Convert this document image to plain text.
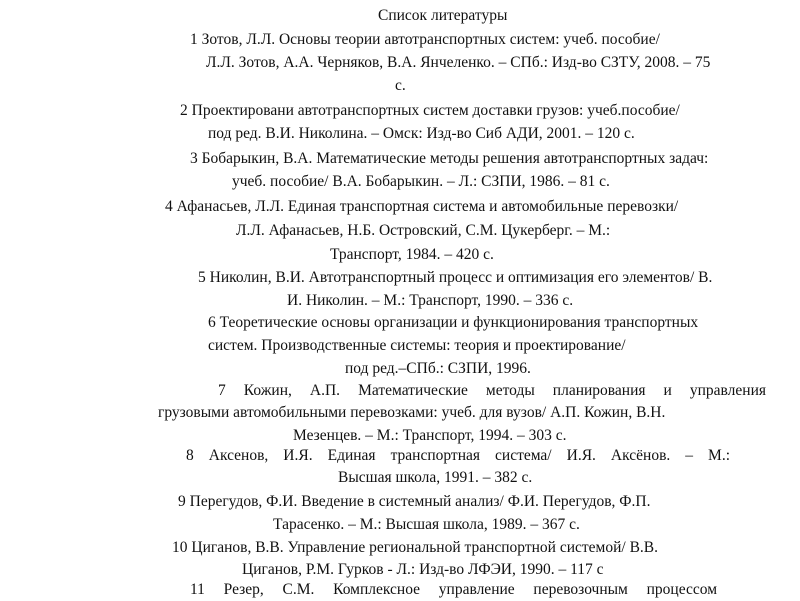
Список литературы
1 Зотов, Л.Л. Основы теории автотранспортных систем: учеб. пособие/
Л.Л. Зотов, А.А. Черняков, В.А. Янчеленко. – СПб.: Изд-во СЗТУ, 2008. – 75
с.
2 Проектировани автотранспортных систем доставки грузов: учеб.пособие/
под ред. В.И. Николина. – Омск: Изд-во Сиб АДИ, 2001. – 120 с.
3 Бобарыкин, В.А. Математические методы решения автотранспортных задач:
учеб. пособие/ В.А. Бобарыкин. – Л.: СЗПИ, 1986. – 81 с.
4 Афанасьев, Л.Л. Единая транспортная система и автомобильные перевозки/
Л.Л. Афанасьев, Н.Б. Островский, С.М. Цукерберг. – М.:
Транспорт, 1984. – 420 с.
5 Николин, В.И. Автотранспортный процесс и оптимизация его элементов/ В.
И. Николин. – М.: Транспорт, 1990. – 336 с.
6 Теоретические основы организации и функционирования транспортных
систем. Производственные системы: теория и проектирование/
под ред.–СПб.: СЗПИ, 1996.
7 Кожин, А.П. Математические методы планирования и управления
грузовыми автомобильными перевозками: учеб. для вузов/ А.П. Кожин, В.Н.
Мезенцев. – М.: Транспорт, 1994. – 303 с.
8 Аксенов, И.Я. Единая транспортная система/ И.Я. Аксёнов. – М.:
Высшая школа, 1991. – 382 с.
9 Перегудов, Ф.И. Введение в системный анализ/ Ф.И. Перегудов, Ф.П.
Тарасенко. – М.: Высшая школа, 1989. – 367 с.
10 Циганов, В.В. Управление региональной транспортной системой/ В.В.
Циганов, Р.М. Гурков - Л.: Изд-во ЛФЭИ, 1990. – 117 с
11 Резер, С.М. Комплексное управление перевозочным процессом
